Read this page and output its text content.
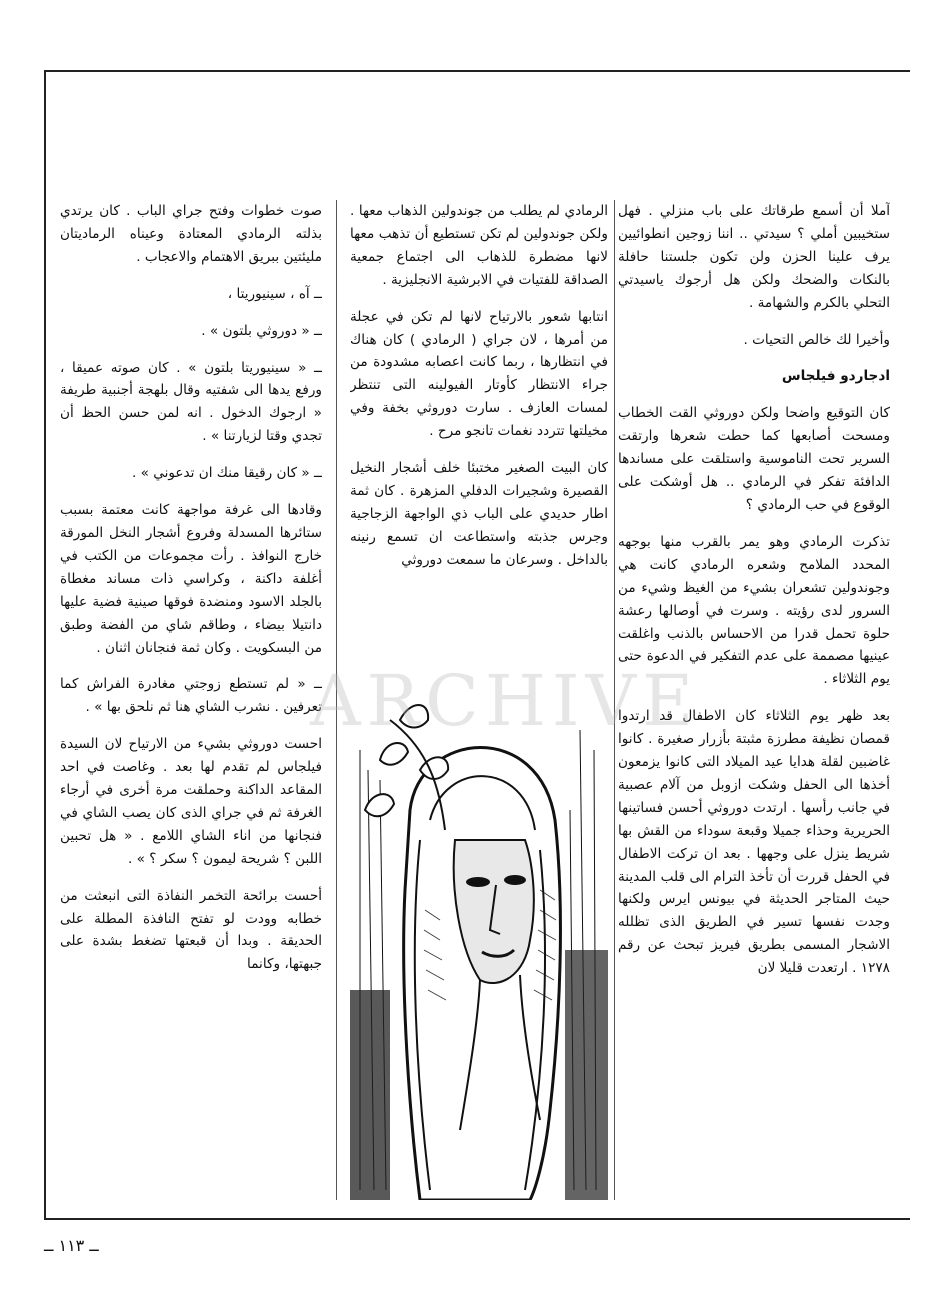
آملا أن أسمع طرقاتك على باب منزلي . فهل ستخيبين أملي ؟ سيدتي .. اننا زوجين انطوائيين يرف علينا الحزن ولن تكون جلستنا حافلة بالنكات والضحك ولكن هل أرجوك ياسيدتي التحلي بالكرم والشهامة .

وأخيرا لك خالص التحيات .

ادجاردو فيلجاس

كان التوقيع واضحا ولكن دوروثي القت الخطاب ومسحت أصابعها كما حطت شعرها وارتقت السرير تحت الناموسية واستلقت على مساندها الدافئة تفكر في الرمادي .. هل أوشكت على الوقوع في حب الرمادي ؟

تذكرت الرمادي وهو يمر بالقرب منها بوجهه المحدد الملامح وشعره الرمادي كانت هي وجوندولين تشعران بشيء من الغيظ وشيء من السرور لدى رؤيته . وسرت في أوصالها رعشة حلوة تحمل قدرا من الاحساس بالذنب واغلقت عينيها مصممة على عدم التفكير في الدعوة حتى يوم الثلاثاء .

بعد ظهر يوم الثلاثاء كان الاطفال قد ارتدوا قمصان نظيفة مطرزة مثبتة بأزرار صغيرة . كانوا غاضبين لقلة هدايا عيد الميلاد التى كانوا يزمعون أخذها الى الحفل وشكت ازوبل من آلام عصبية في جانب رأسها . ارتدت دوروثي أحسن فساتينها الحريرية وحذاء جميلا وقبعة سوداء من القش بها شريط ينزل على وجهها . بعد ان تركت الاطفال في الحفل قررت أن تأخذ الترام الى قلب المدينة حيث المتاجر الحديثة في بيونس ايرس ولكنها وجدت نفسها تسير في الطريق الذى تظلله الاشجار المسمى بطريق فيريز تبحث عن رقم ١٢٧٨ . ارتعدت قليلا لان

الرمادي لم يطلب من جوندولين الذهاب معها . ولكن جوندولين لم تكن تستطيع أن تذهب معها لانها مضطرة للذهاب الى اجتماع جمعية الصداقة للفتيات في الابرشية الانجليزية .

انتابها شعور بالارتياح لانها لم تكن في عجلة من أمرها ، لان جراي ( الرمادي ) كان هناك في انتظارها ، ربما كانت اعصابه مشدودة من جراء الانتظار كأوتار الفيولينه التى تنتظر لمسات العازف . سارت دوروثي بخفة وفي مخيلتها تتردد نغمات تانجو مرح .

كان البيت الصغير مختبئا خلف أشجار النخيل القصيرة وشجيرات الدفلي المزهرة . كان ثمة اطار حديدي على الباب ذي الواجهة الزجاجية وجرس جذبته واستطاعت ان تسمع رنينه بالداخل . وسرعان ما سمعت دوروثي

صوت خطوات وفتح جراي الباب . كان يرتدي بذلته الرمادي المعتادة وعيناه الرماديتان مليئتين ببريق الاهتمام والاعجاب .

ــ آه ، سينيوريتا ،

ــ « دوروثي بلتون » .

ــ « سينيوريتا بلتون » . كان صوته عميقا ، ورفع يدها الى شفتيه وقال بلهجة أجنبية طريفة « ارجوك الدخول . انه لمن حسن الحظ أن تجدي وقتا لزيارتنا » .

ــ « كان رقيقا منك ان تدعوني » .

وقادها الى غرفة مواجهة كانت معتمة بسبب ستائرها المسدلة وفروع أشجار النخل المورقة خارج النوافذ . رأت مجموعات من الكتب في أغلفة داكنة ، وكراسي ذات مساند مغطاة بالجلد الاسود ومنضدة فوقها صينية فضية عليها دانتيلا بيضاء ، وطاقم شاي من الفضة وطبق من البسكويت . وكان ثمة فنجانان اثنان .

ــ « لم تستطع زوجتي مغادرة الفراش كما تعرفين . نشرب الشاي هنا ثم نلحق بها » .

احست دوروثي بشيء من الارتياح لان السيدة فيلجاس لم تقدم لها بعد . وغاصت في احد المقاعد الداكنة وحملقت مرة أخرى في أرجاء الغرفة ثم في جراي الذى كان يصب الشاي في فنجانها من اناء الشاي اللامع . « هل تحبين اللبن ؟ شريحة ليمون ؟ سكر ؟ » .

أحست برائحة التخمر النفاذة التى انبعثت من خطابه وودت لو تفتح النافذة المطلة على الحديقة . وبدا أن قبعتها تضغط بشدة على جبهتها، وكانما

ARCHIVE
ــ ١١٣ ــ
